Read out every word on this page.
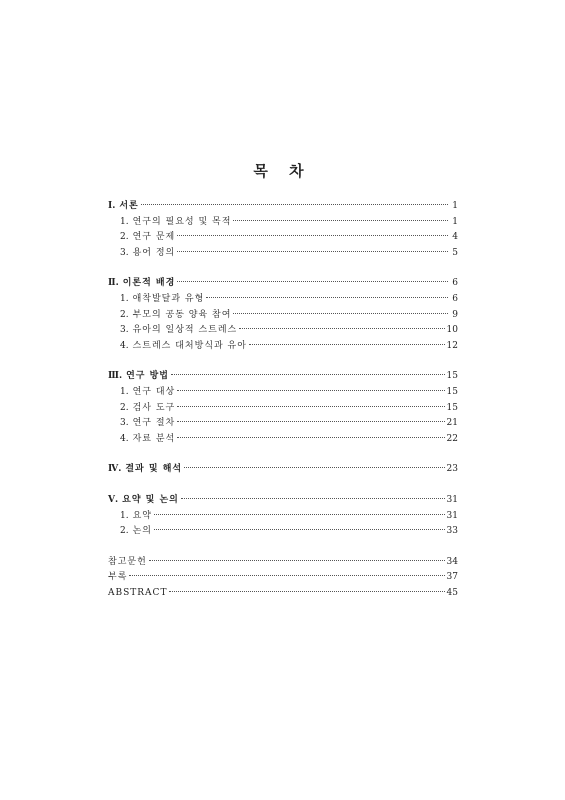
목 차
Ⅰ. 서론	1
1. 연구의 필요성 및 목적	1
2. 연구 문제	4
3. 용어 정의	5
Ⅱ. 이론적 배경	6
1. 애착발달과 유형	6
2. 부모의 공동 양육 참여	9
3. 유아의 일상적 스트레스	10
4. 스트레스 대처방식과 유아	12
Ⅲ. 연구 방법	15
1. 연구 대상	15
2. 검사 도구	15
3. 연구 절차	21
4. 자료 분석	22
Ⅳ. 결과 및 해석	23
Ⅴ. 요약 및 논의	31
1. 요약	31
2. 논의	33
참고문헌	34
부록	37
ABSTRACT	45
